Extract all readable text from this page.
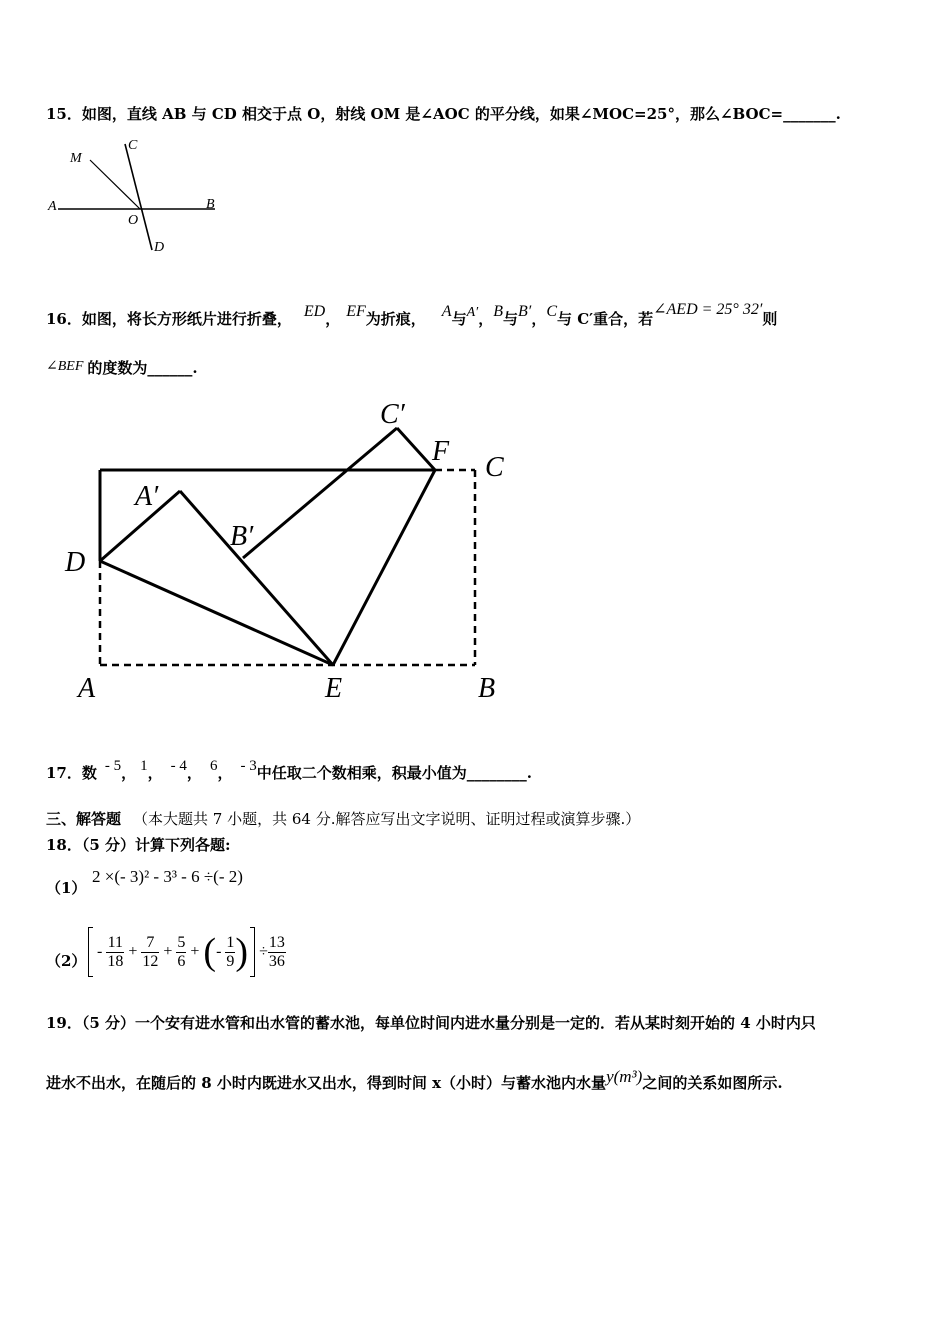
15．如图，直线 AB 与 CD 相交于点 O，射线 OM 是∠AOC 的平分线，如果∠MOC=25°，那么∠BOC=_______.
M
C
A
O
B
D
16．如图，将长方形纸片进行折叠， ED， EF为折痕， A与A′，B与B′，C与 C′重合，若∠AED = 25° 32′则
∠BEF 的度数为______.
C′
F
C
A′
B′
D
A	E	B
17．数 - 5， 1， - 4， 6， - 3中任取二个数相乘，积最小值为________.
三、解答题 （本大题共 7 小题，共 64 分.解答应写出文字说明、证明过程或演算步骤.）
18．（5 分）计算下列各题:
（1）
2 ×(- 3)² - 3³ - 6 ÷(- 2)
（2）
- $\frac{11}{18} + \frac{7}{12} + \frac{5}{6}$ + ( - $\frac{1}{9}$ ) ÷ $\frac{13}{36}$
19．（5 分）一个安有进水管和出水管的蓄水池，每单位时间内进水量分别是一定的．若从某时刻开始的 4 小时内只
进水不出水，在随后的 8 小时内既进水又出水，得到时间 x（小时）与蓄水池内水量y(m³)之间的关系如图所示.
